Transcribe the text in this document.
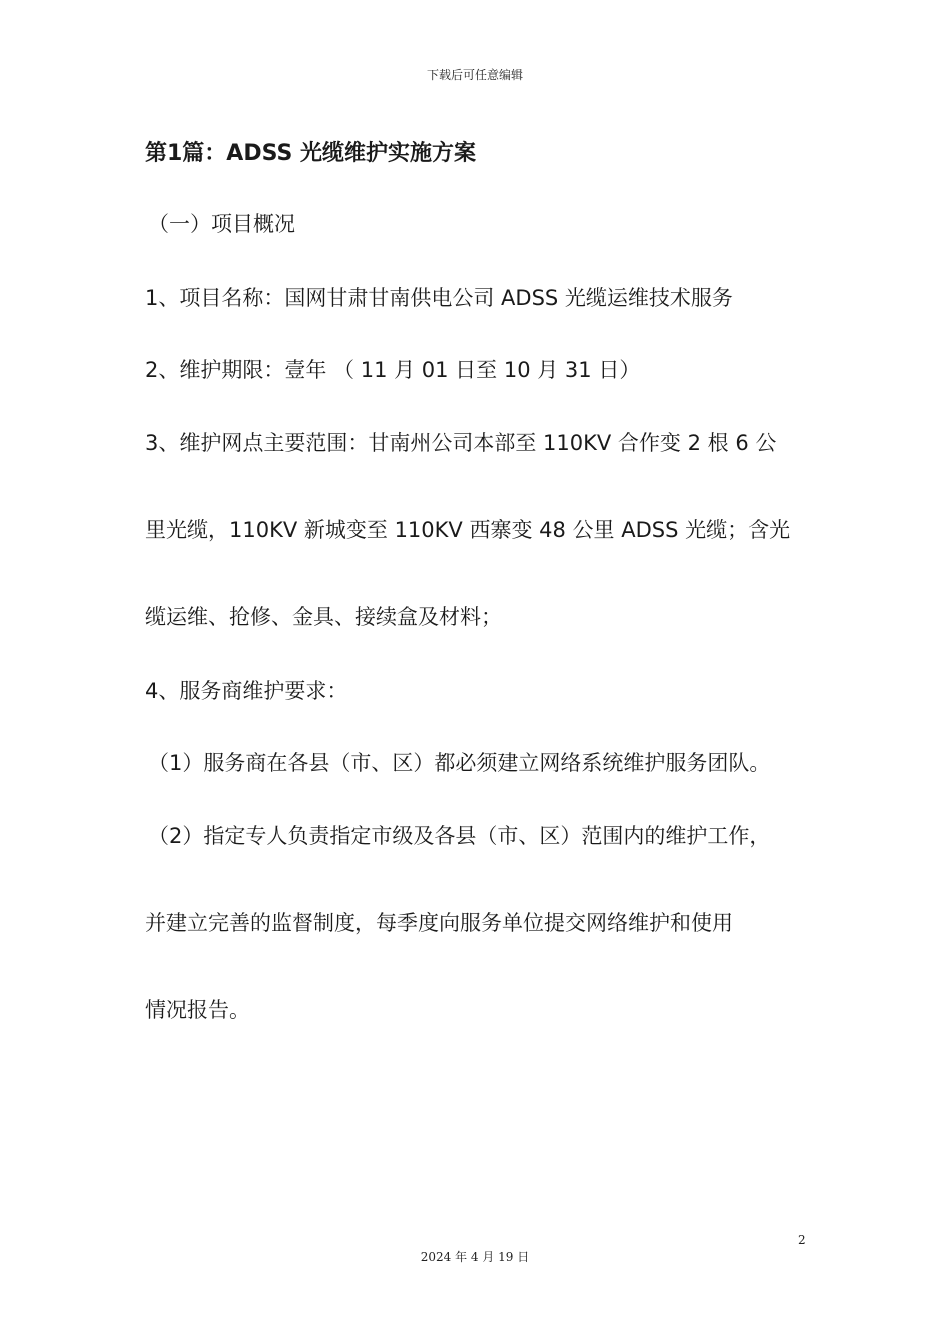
下载后可任意编辑
第1篇：ADSS 光缆维护实施方案
（一）项目概况
1、项目名称：国网甘肃甘南供电公司 ADSS 光缆运维技术服务
2、维护期限：壹年 （ 11 月 01 日至 10 月 31 日）
3、维护网点主要范围：甘南州公司本部至 110KV 合作变 2 根 6 公
里光缆，110KV 新城变至 110KV 西寨变 48 公里 ADSS 光缆；含光
缆运维、抢修、金具、接续盒及材料；
4、服务商维护要求：
（1）服务商在各县（市、区）都必须建立网络系统维护服务团队。
（2）指定专人负责指定市级及各县（市、区）范围内的维护工作，
并建立完善的监督制度，每季度向服务单位提交网络维护和使用
情况报告。
2
2024 年 4 月 19 日
